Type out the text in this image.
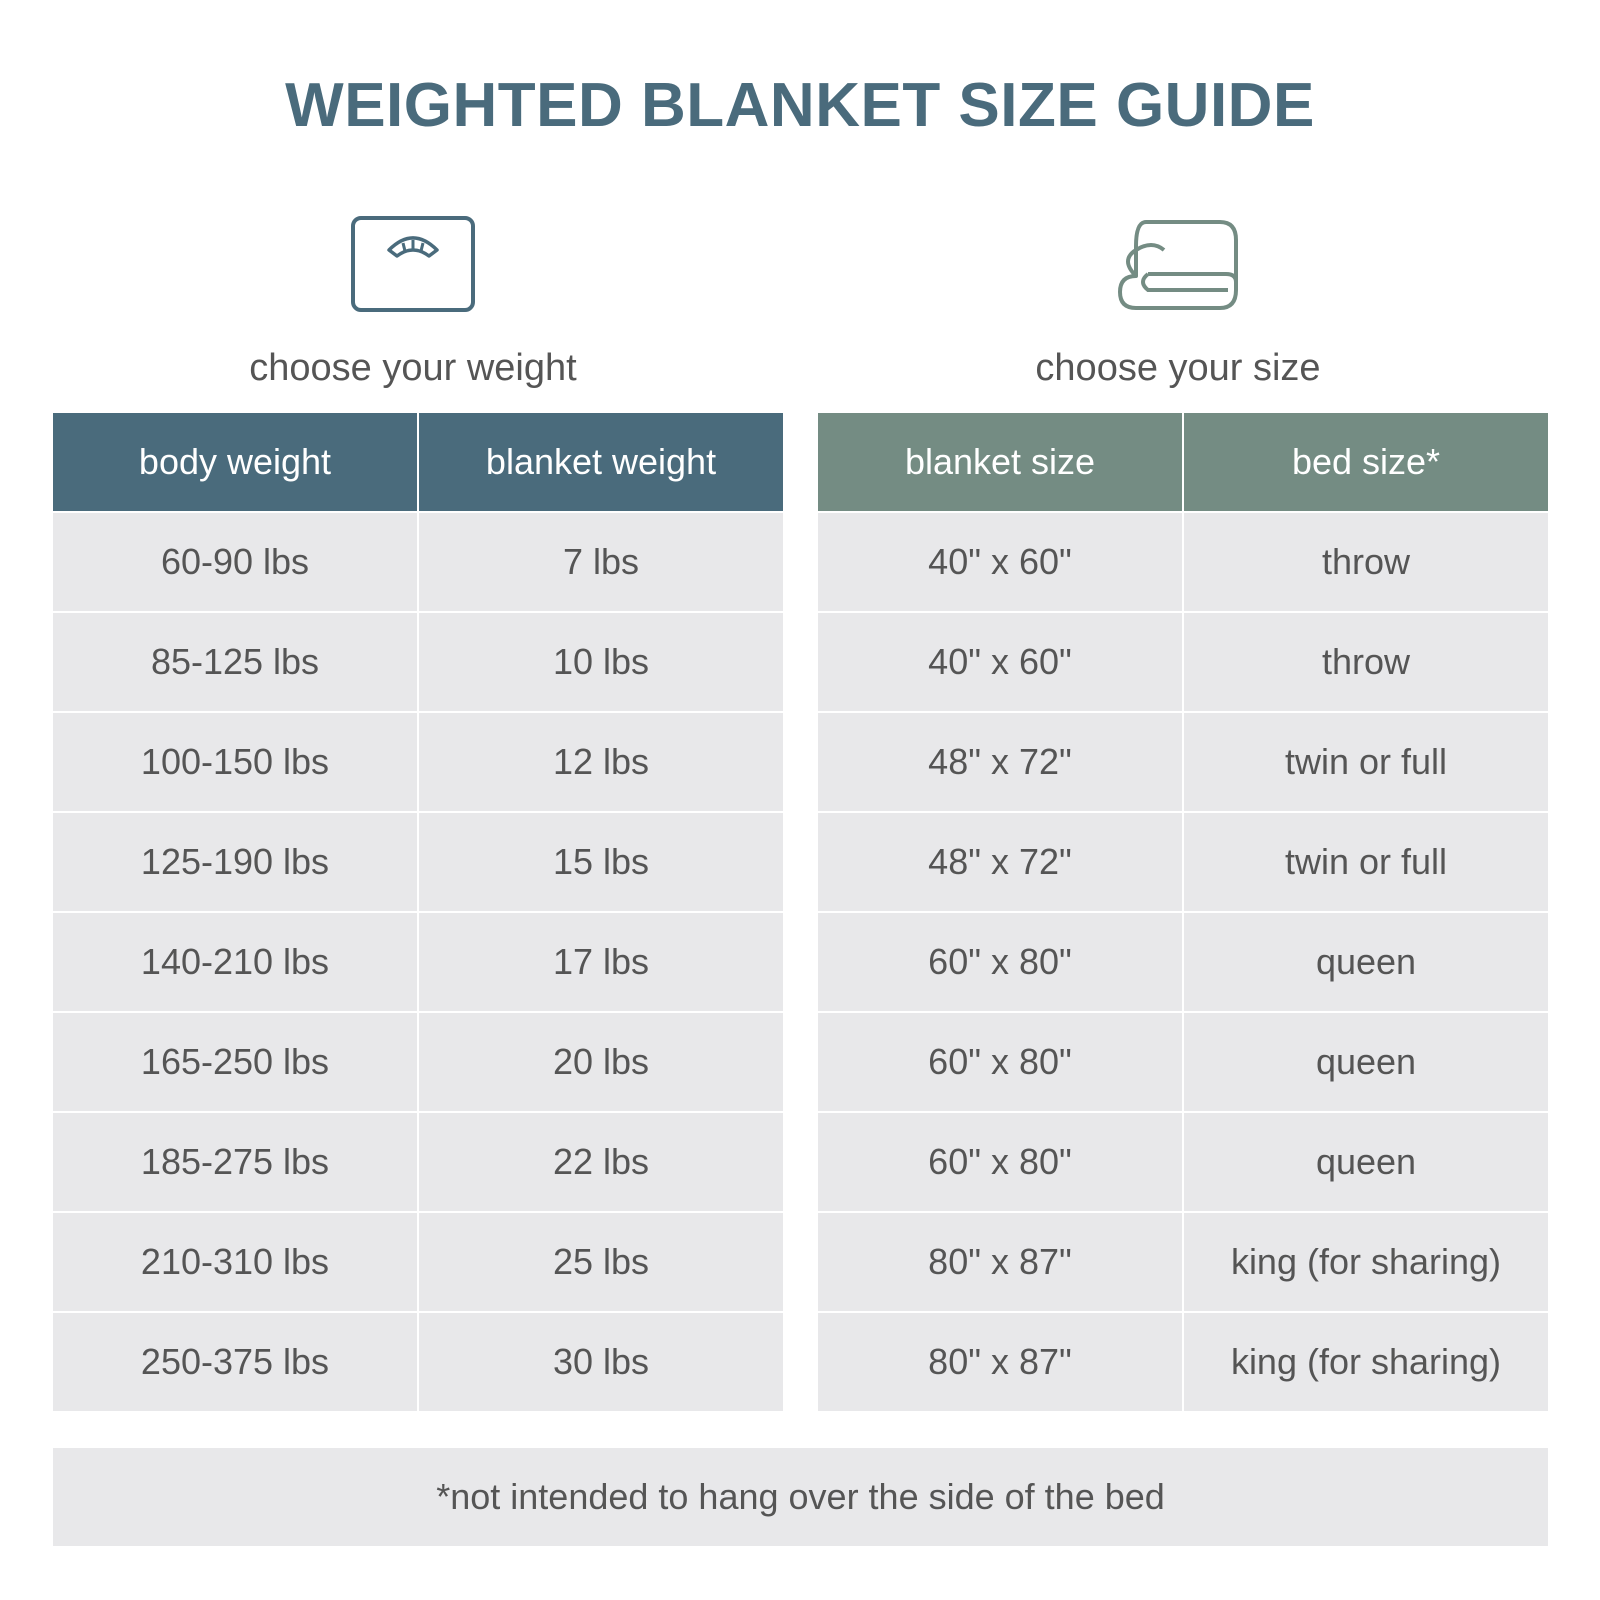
WEIGHTED BLANKET SIZE GUIDE
choose your weight	choose your size
body weight	blanket weight
60-90 lbs	7 lbs
85-125 lbs	10 lbs
100-150 lbs	12 lbs
125-190 lbs	15 lbs
140-210 lbs	17 lbs
165-250 lbs	20 lbs
185-275 lbs	22 lbs
210-310 lbs	25 lbs
250-375 lbs	30 lbs
blanket size	bed size*
40" x 60"	throw
40" x 60"	throw
48" x 72"	twin or full
48" x 72"	twin or full
60" x 80"	queen
60" x 80"	queen
60" x 80"	queen
80" x 87"	king (for sharing)
80" x 87"	king (for sharing)
*not intended to hang over the side of the bed
